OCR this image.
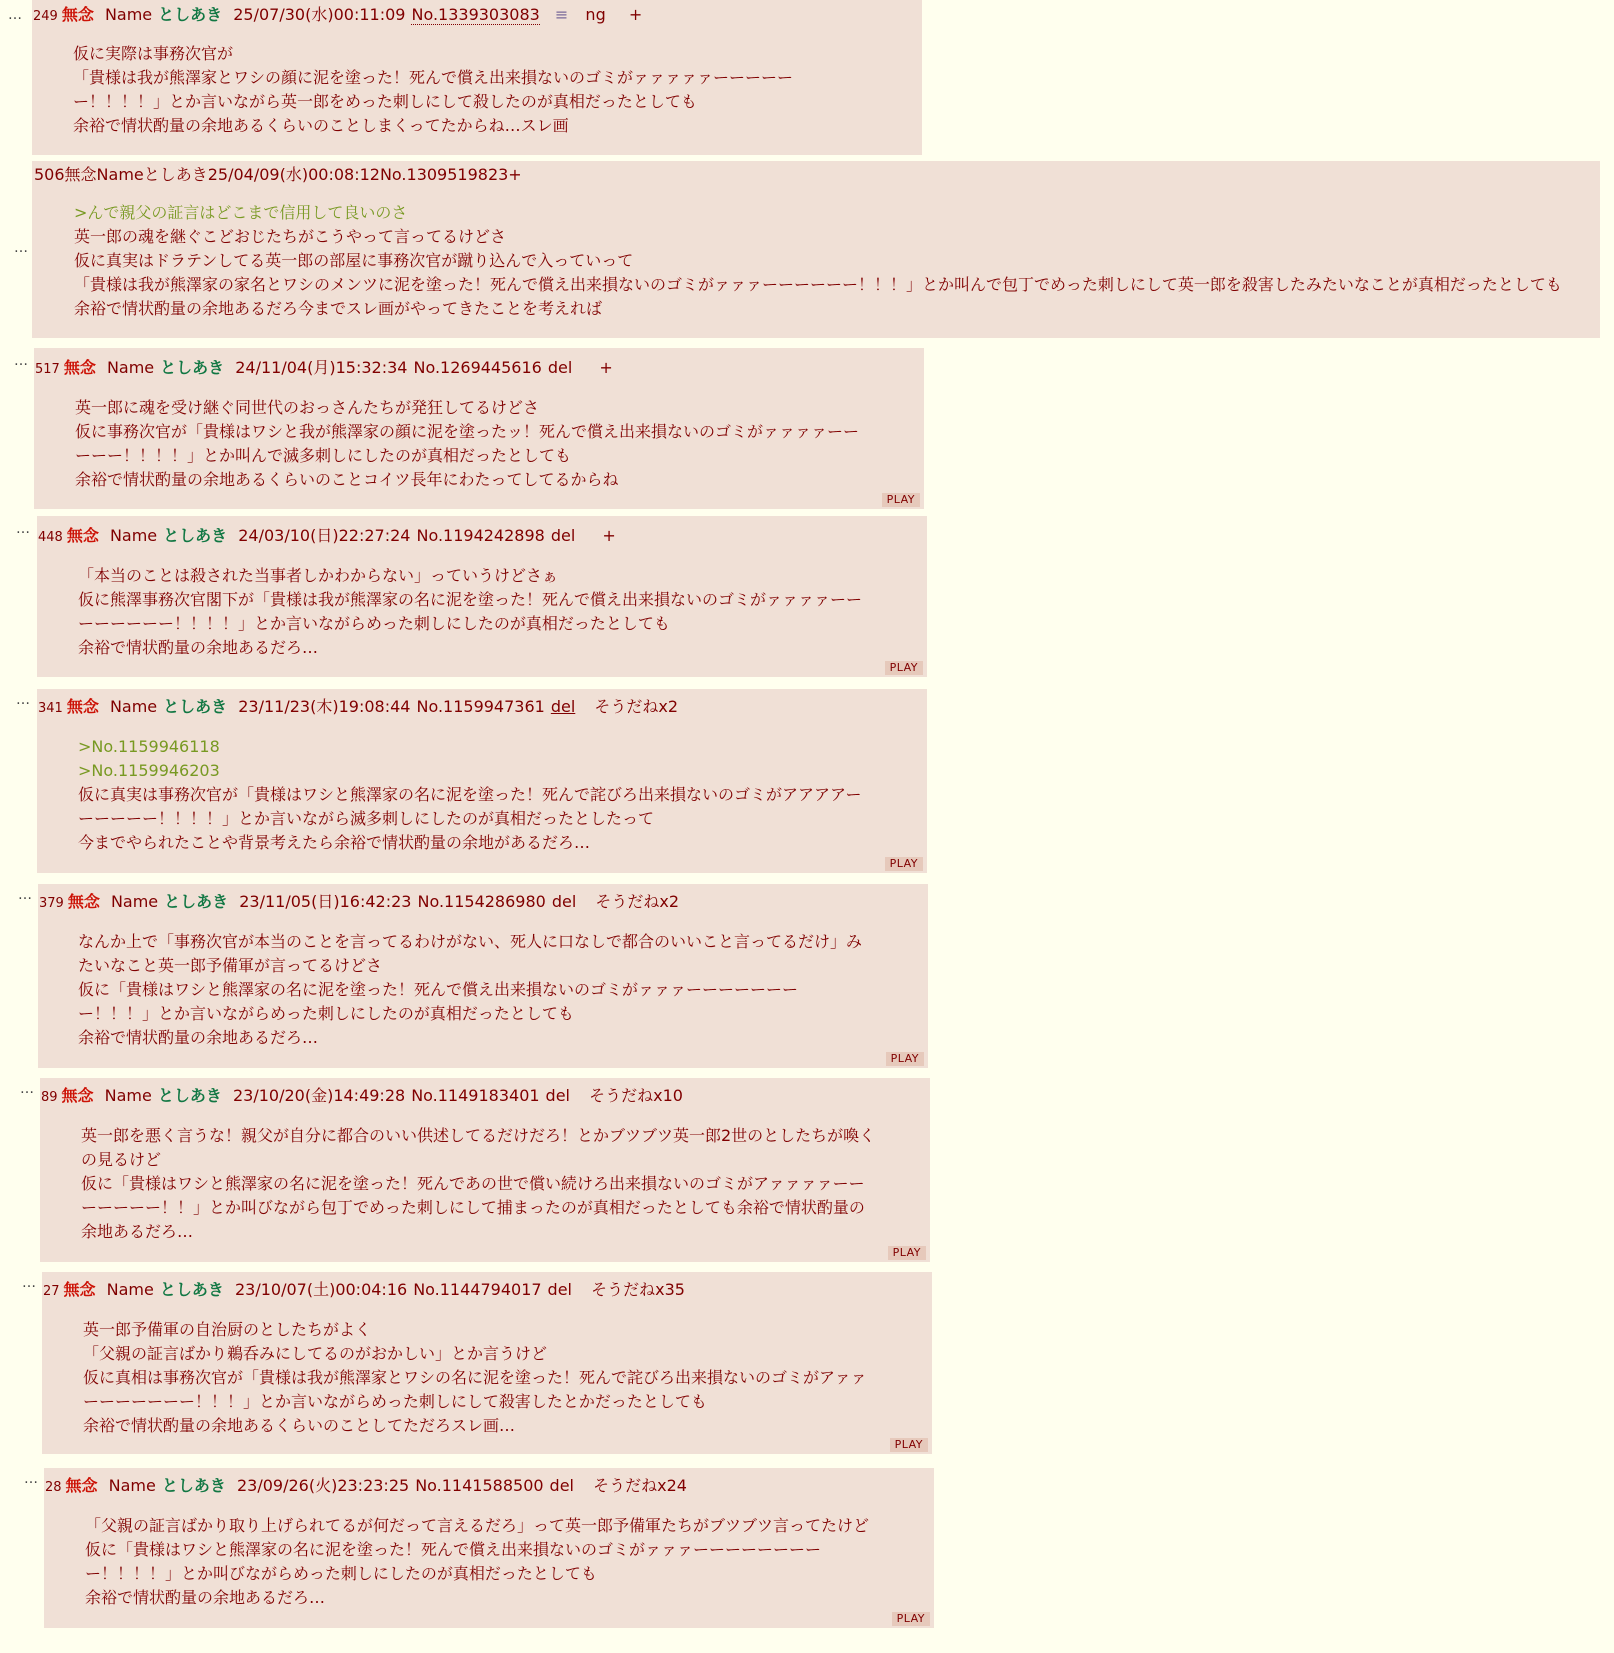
… 249 無念 Name としあき 25/07/30(水)00:11:09 No.1339303083 ≡ ng +
仮に実際は事務次官が
「貴様は我が熊澤家とワシの顔に泥を塗った！死んで償え出来損ないのゴミがァァァァァーーーーー
ー！！！！」とか言いながら英一郎をめった刺しにして殺したのが真相だったとしても
余裕で情状酌量の余地あるくらいのことしまくってたからね…スレ画
…
506無念Nameとしあき25/04/09(水)00:08:12No.1309519823+
>んで親父の証言はどこまで信用して良いのさ
英一郎の魂を継ぐこどおじたちがこうやって言ってるけどさ
仮に真実はドラテンしてる英一郎の部屋に事務次官が蹴り込んで入っていって
「貴様は我が熊澤家の家名とワシのメンツに泥を塗った！死んで償え出来損ないのゴミがァァァーーーーーー！！！」とか叫んで包丁でめった刺しにして英一郎を殺害したみたいなことが真相だったとしても
余裕で情状酌量の余地あるだろ今までスレ画がやってきたことを考えれば
…
517 無念 Name としあき 24/11/04(月)15:32:34 No.1269445616 del +
英一郎に魂を受け継ぐ同世代のおっさんたちが発狂してるけどさ
仮に事務次官が「貴様はワシと我が熊澤家の顔に泥を塗ったッ！死んで償え出来損ないのゴミがァァァァーー
ーーー！！！！」とか叫んで滅多刺しにしたのが真相だったとしても
余裕で情状酌量の余地あるくらいのことコイツ長年にわたってしてるからね
PLAY
…
448 無念 Name としあき 24/03/10(日)22:27:24 No.1194242898 del +
「本当のことは殺された当事者しかわからない」っていうけどさぁ
仮に熊澤事務次官閣下が「貴様は我が熊澤家の名に泥を塗った！死んで償え出来損ないのゴミがァァァァーー
ーーーーーー！！！！」とか言いながらめった刺しにしたのが真相だったとしても
余裕で情状酌量の余地あるだろ…
PLAY
…
341 無念 Name としあき 23/11/23(木)19:08:44 No.1159947361 del そうだねx2
>No.1159946118
>No.1159946203
仮に真実は事務次官が「貴様はワシと熊澤家の名に泥を塗った！死んで詫びろ出来損ないのゴミがアアアアー
ーーーーー！！！！」とか言いながら滅多刺しにしたのが真相だったとしたって
今までやられたことや背景考えたら余裕で情状酌量の余地があるだろ…
PLAY
…
379 無念 Name としあき 23/11/05(日)16:42:23 No.1154286980 del そうだねx2
なんか上で「事務次官が本当のことを言ってるわけがない、死人に口なしで都合のいいこと言ってるだけ」み
たいなこと英一郎予備軍が言ってるけどさ
仮に「貴様はワシと熊澤家の名に泥を塗った！死んで償え出来損ないのゴミがァァァーーーーーーー
ー！！！」とか言いながらめった刺しにしたのが真相だったとしても
余裕で情状酌量の余地あるだろ…
PLAY
…
89 無念 Name としあき 23/10/20(金)14:49:28 No.1149183401 del そうだねx10
英一郎を悪く言うな！親父が自分に都合のいい供述してるだけだろ！とかブツブツ英一郎2世のとしたちが喚く
の見るけど
仮に「貴様はワシと熊澤家の名に泥を塗った！死んであの世で償い続けろ出来損ないのゴミがアァァァァーー
ーーーーー！！」とか叫びながら包丁でめった刺しにして捕まったのが真相だったとしても余裕で情状酌量の
余地あるだろ…
PLAY
…
27 無念 Name としあき 23/10/07(土)00:04:16 No.1144794017 del そうだねx35
英一郎予備軍の自治厨のとしたちがよく
「父親の証言ばかり鵜呑みにしてるのがおかしい」とか言うけど
仮に真相は事務次官が「貴様は我が熊澤家とワシの名に泥を塗った！死んで詫びろ出来損ないのゴミがアァァ
ーーーーーーー！！！」とか言いながらめった刺しにして殺害したとかだったとしても
余裕で情状酌量の余地あるくらいのことしてただろスレ画…
PLAY
…
28 無念 Name としあき 23/09/26(火)23:23:25 No.1141588500 del そうだねx24
「父親の証言ばかり取り上げられてるが何だって言えるだろ」って英一郎予備軍たちがブツブツ言ってたけど
仮に「貴様はワシと熊澤家の名に泥を塗った！死んで償え出来損ないのゴミがァァァーーーーーーーー
ー！！！！」とか叫びながらめった刺しにしたのが真相だったとしても
余裕で情状酌量の余地あるだろ…
PLAY
